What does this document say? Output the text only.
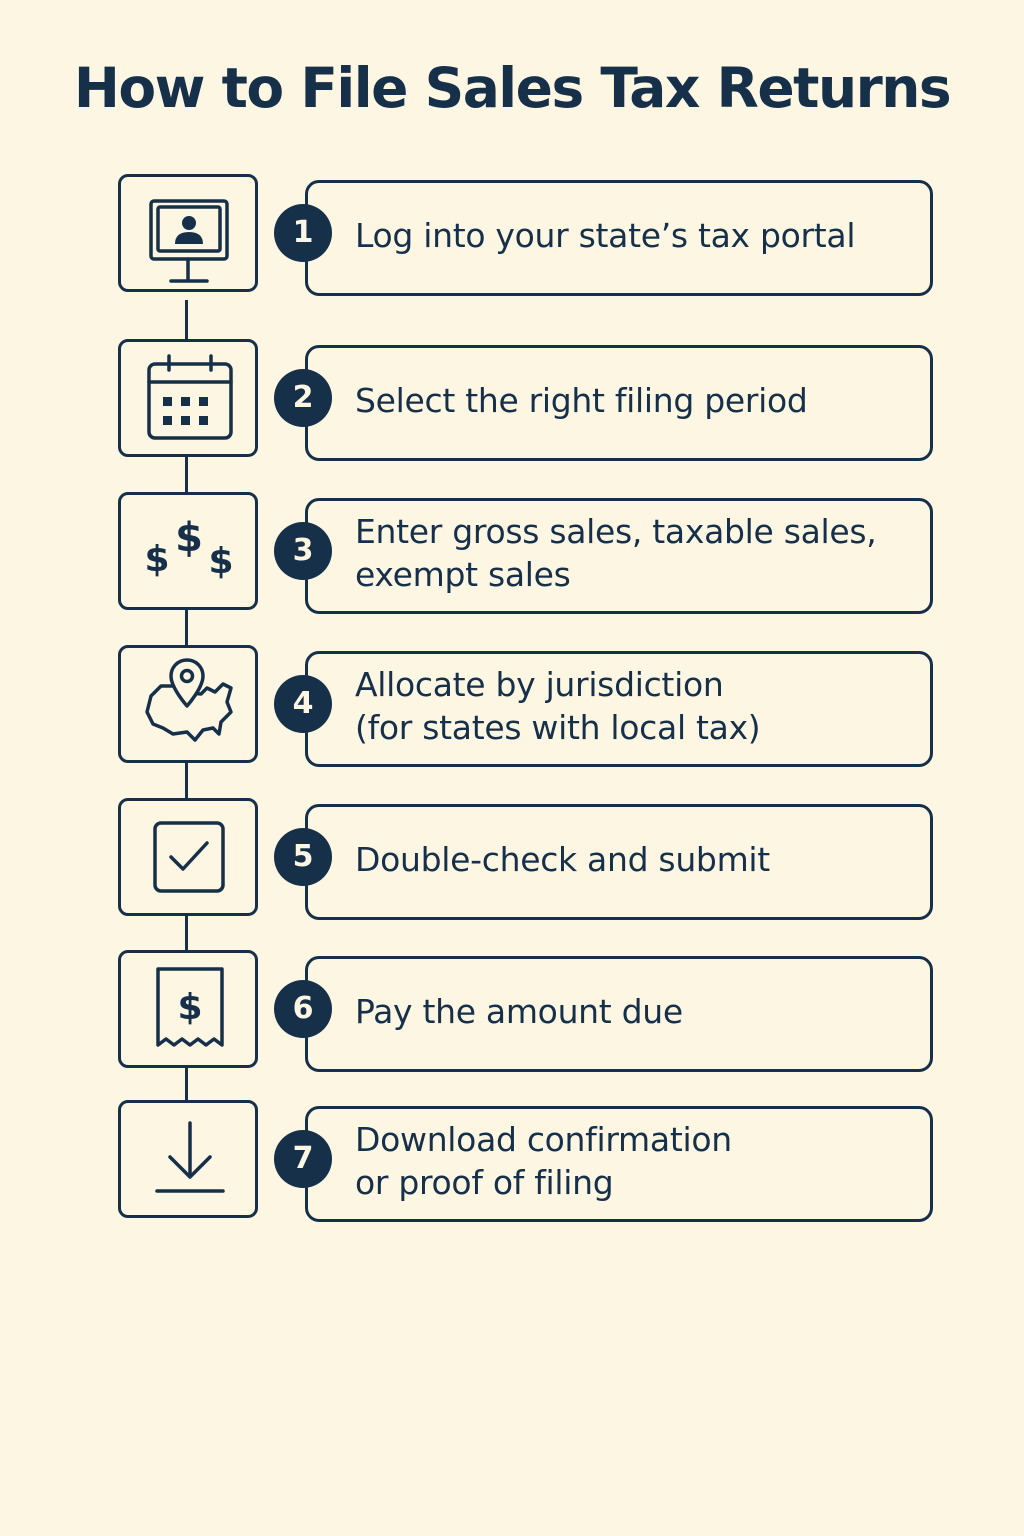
How to File Sales Tax Returns
1	Log into your state’s tax portal
2	Select the right filing period
$ $
$	3	Enter gross sales, taxable sales,
exempt sales
4	Allocate by jurisdiction
(for states with local tax)
5	Double-check and submit
$	6	Pay the amount due
7	Download confirmation
or proof of filing
